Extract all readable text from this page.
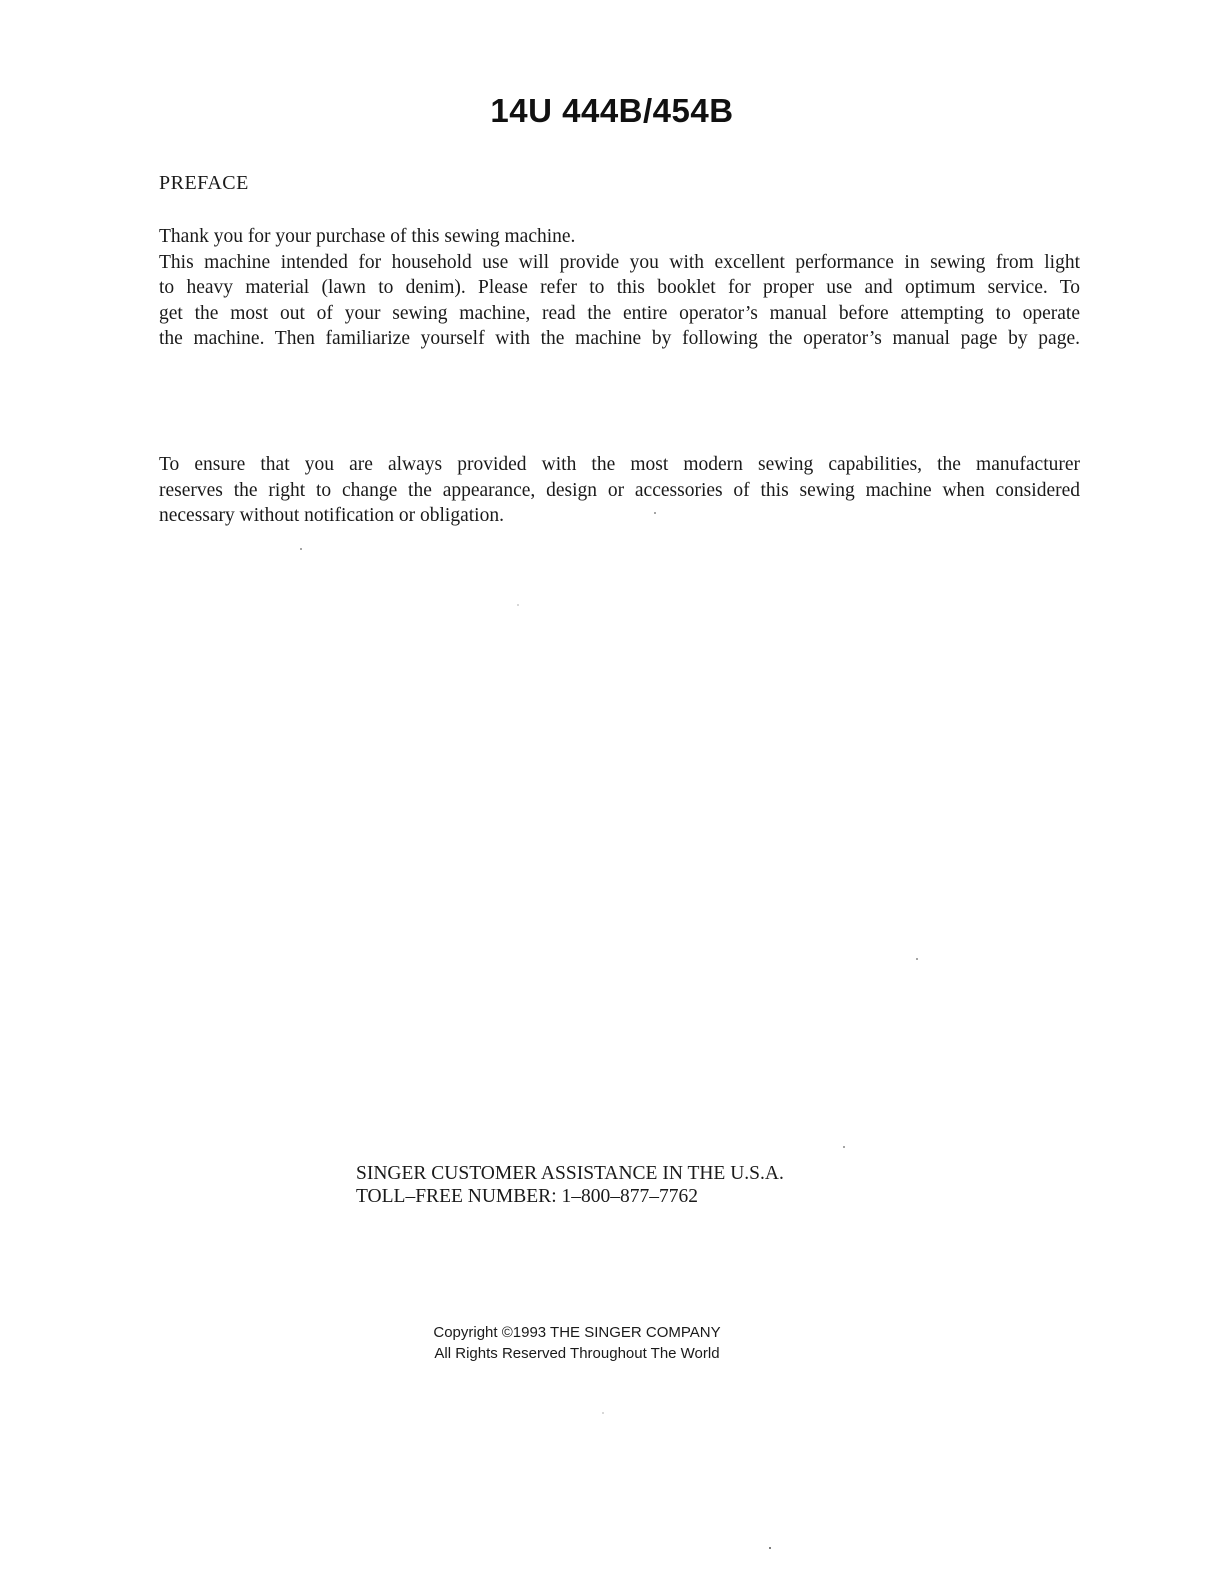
14U 444B/454B
PREFACE
Thank you for your purchase of this sewing machine.
This machine intended for household use will provide you with excellent performance in sewing from light
to heavy material (lawn to denim). Please refer to this booklet for proper use and optimum service. To
get the most out of your sewing machine, read the entire operator’s manual before attempting to operate
the machine. Then familiarize yourself with the machine by following the operator’s manual page by page.
To ensure that you are always provided with the most modern sewing capabilities, the manufacturer
reserves the right to change the appearance, design or accessories of this sewing machine when considered
necessary without notification or obligation.
SINGER CUSTOMER ASSISTANCE IN THE U.S.A.
TOLL–FREE NUMBER: 1–800–877–7762
Copyright ©1993 THE SINGER COMPANY
All Rights Reserved Throughout The World
